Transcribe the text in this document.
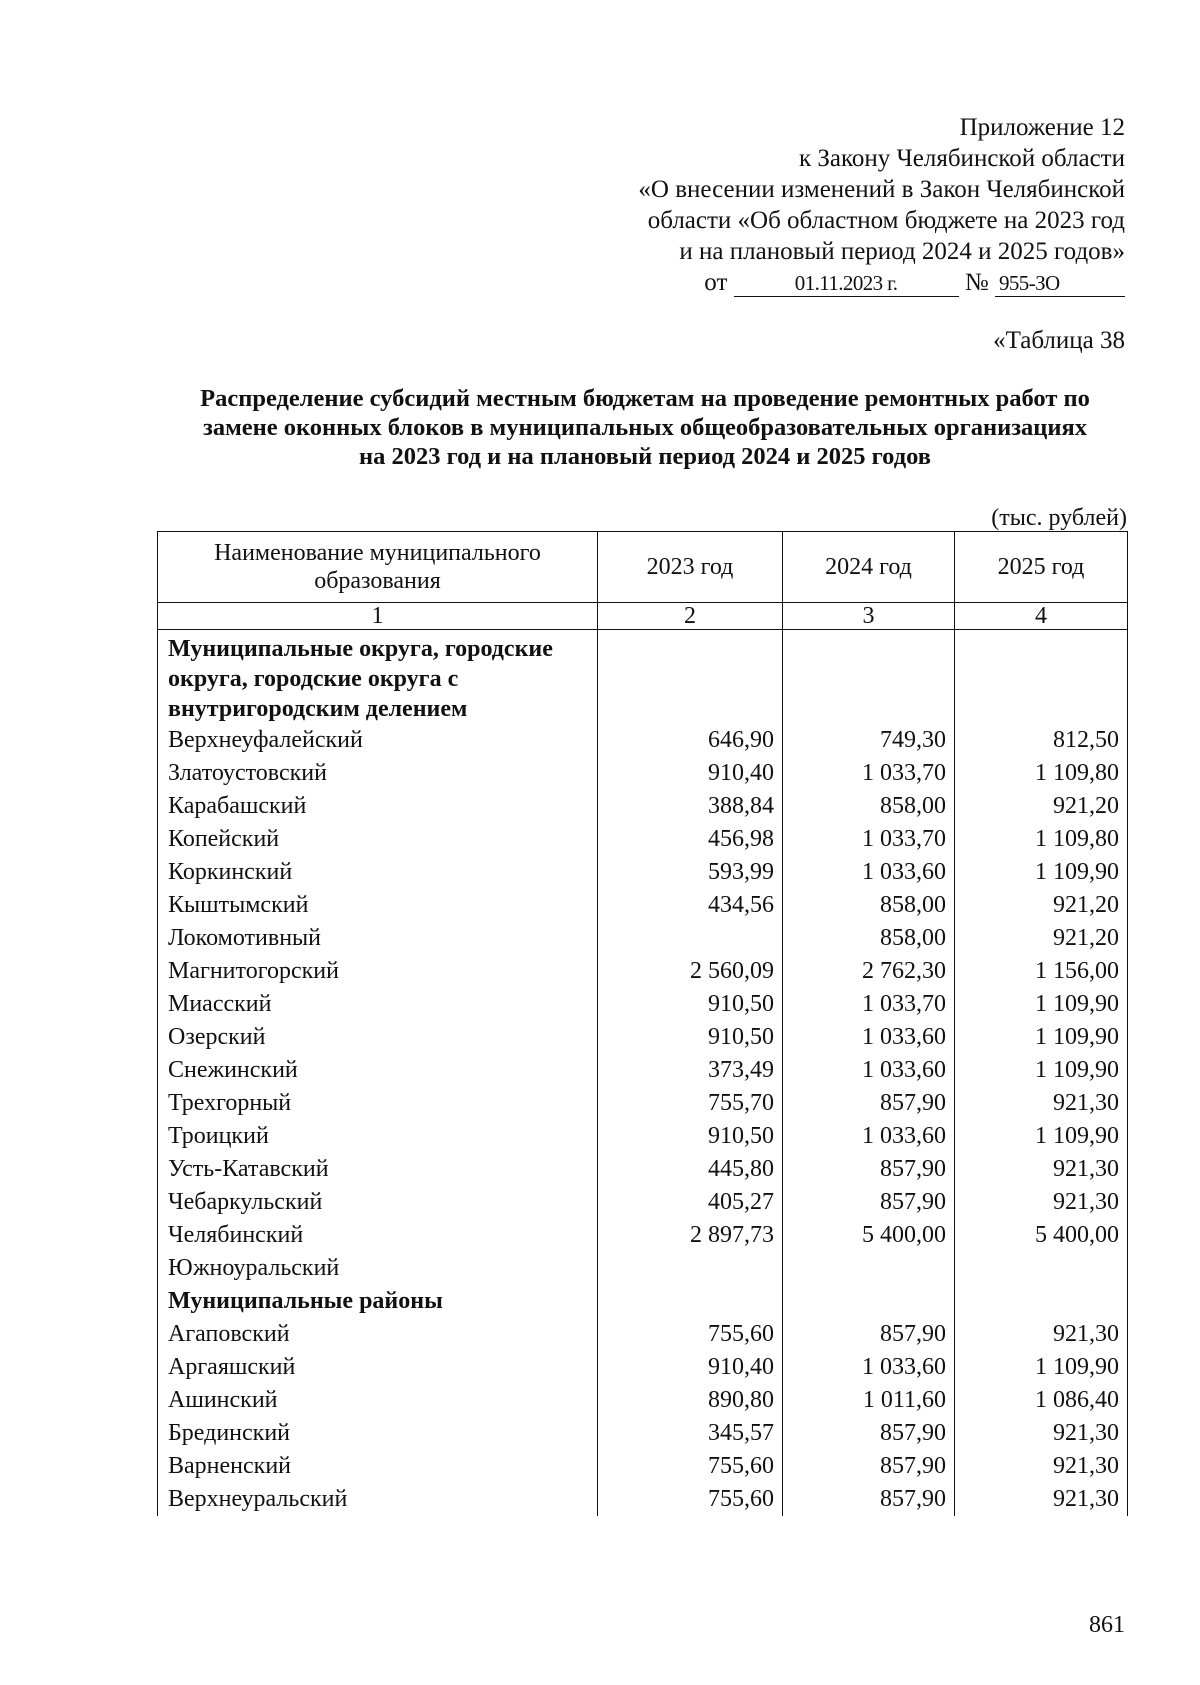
Приложение 12
к Закону Челябинской области
«О внесении изменений в Закон Челябинской
области «Об областном бюджете на 2023 год
и на плановый период 2024 и 2025 годов»
от	01.11.2023 г.	№ 955-ЗО
«Таблица 38
Распределение субсидий местным бюджетам на проведение ремонтных работ по
замене оконных блоков в муниципальных общеобразовательных организациях
на 2023 год и на плановый период 2024 и 2025 годов
(тыс. рублей)
Наименование муниципального образования	2023 год	2024 год	2025 год
1	2	3	4
Муниципальные округа, городские округа, городские округа с внутригородским делением			
Верхнеуфалейский	646,90	749,30	812,50
Златоустовский	910,40	1 033,70	1 109,80
Карабашский	388,84	858,00	921,20
Копейский	456,98	1 033,70	1 109,80
Коркинский	593,99	1 033,60	1 109,90
Кыштымский	434,56	858,00	921,20
Локомотивный		858,00	921,20
Магнитогорский	2 560,09	2 762,30	1 156,00
Миасский	910,50	1 033,70	1 109,90
Озерский	910,50	1 033,60	1 109,90
Снежинский	373,49	1 033,60	1 109,90
Трехгорный	755,70	857,90	921,30
Троицкий	910,50	1 033,60	1 109,90
Усть-Катавский	445,80	857,90	921,30
Чебаркульский	405,27	857,90	921,30
Челябинский	2 897,73	5 400,00	5 400,00
Южноуральский			
Муниципальные районы			
Агаповский	755,60	857,90	921,30
Аргаяшский	910,40	1 033,60	1 109,90
Ашинский	890,80	1 011,60	1 086,40
Брединский	345,57	857,90	921,30
Варненский	755,60	857,90	921,30
Верхнеуральский	755,60	857,90	921,30
861
